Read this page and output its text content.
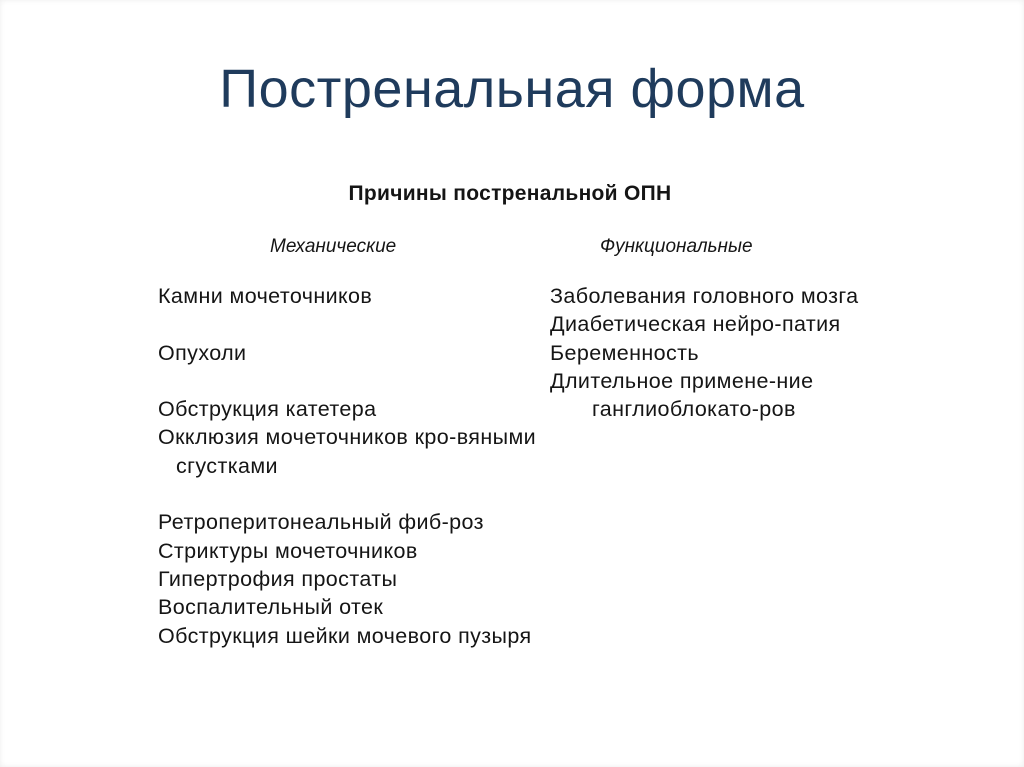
Постренальная форма
Причины постренальной ОПН
Механические	Функциональные
Камни мочеточников
Опухоли
Обструкция катетера
Окклюзия мочеточников кро-вяными сгустками
Ретроперитонеальный фиб-роз
Стриктуры мочеточников
Гипертрофия простаты
Воспалительный отек
Обструкция шейки мочевого пузыря
Заболевания головного мозга
Диабетическая нейро-патия
Беременность
Длительное примене-ние ганглиоблокато-ров
